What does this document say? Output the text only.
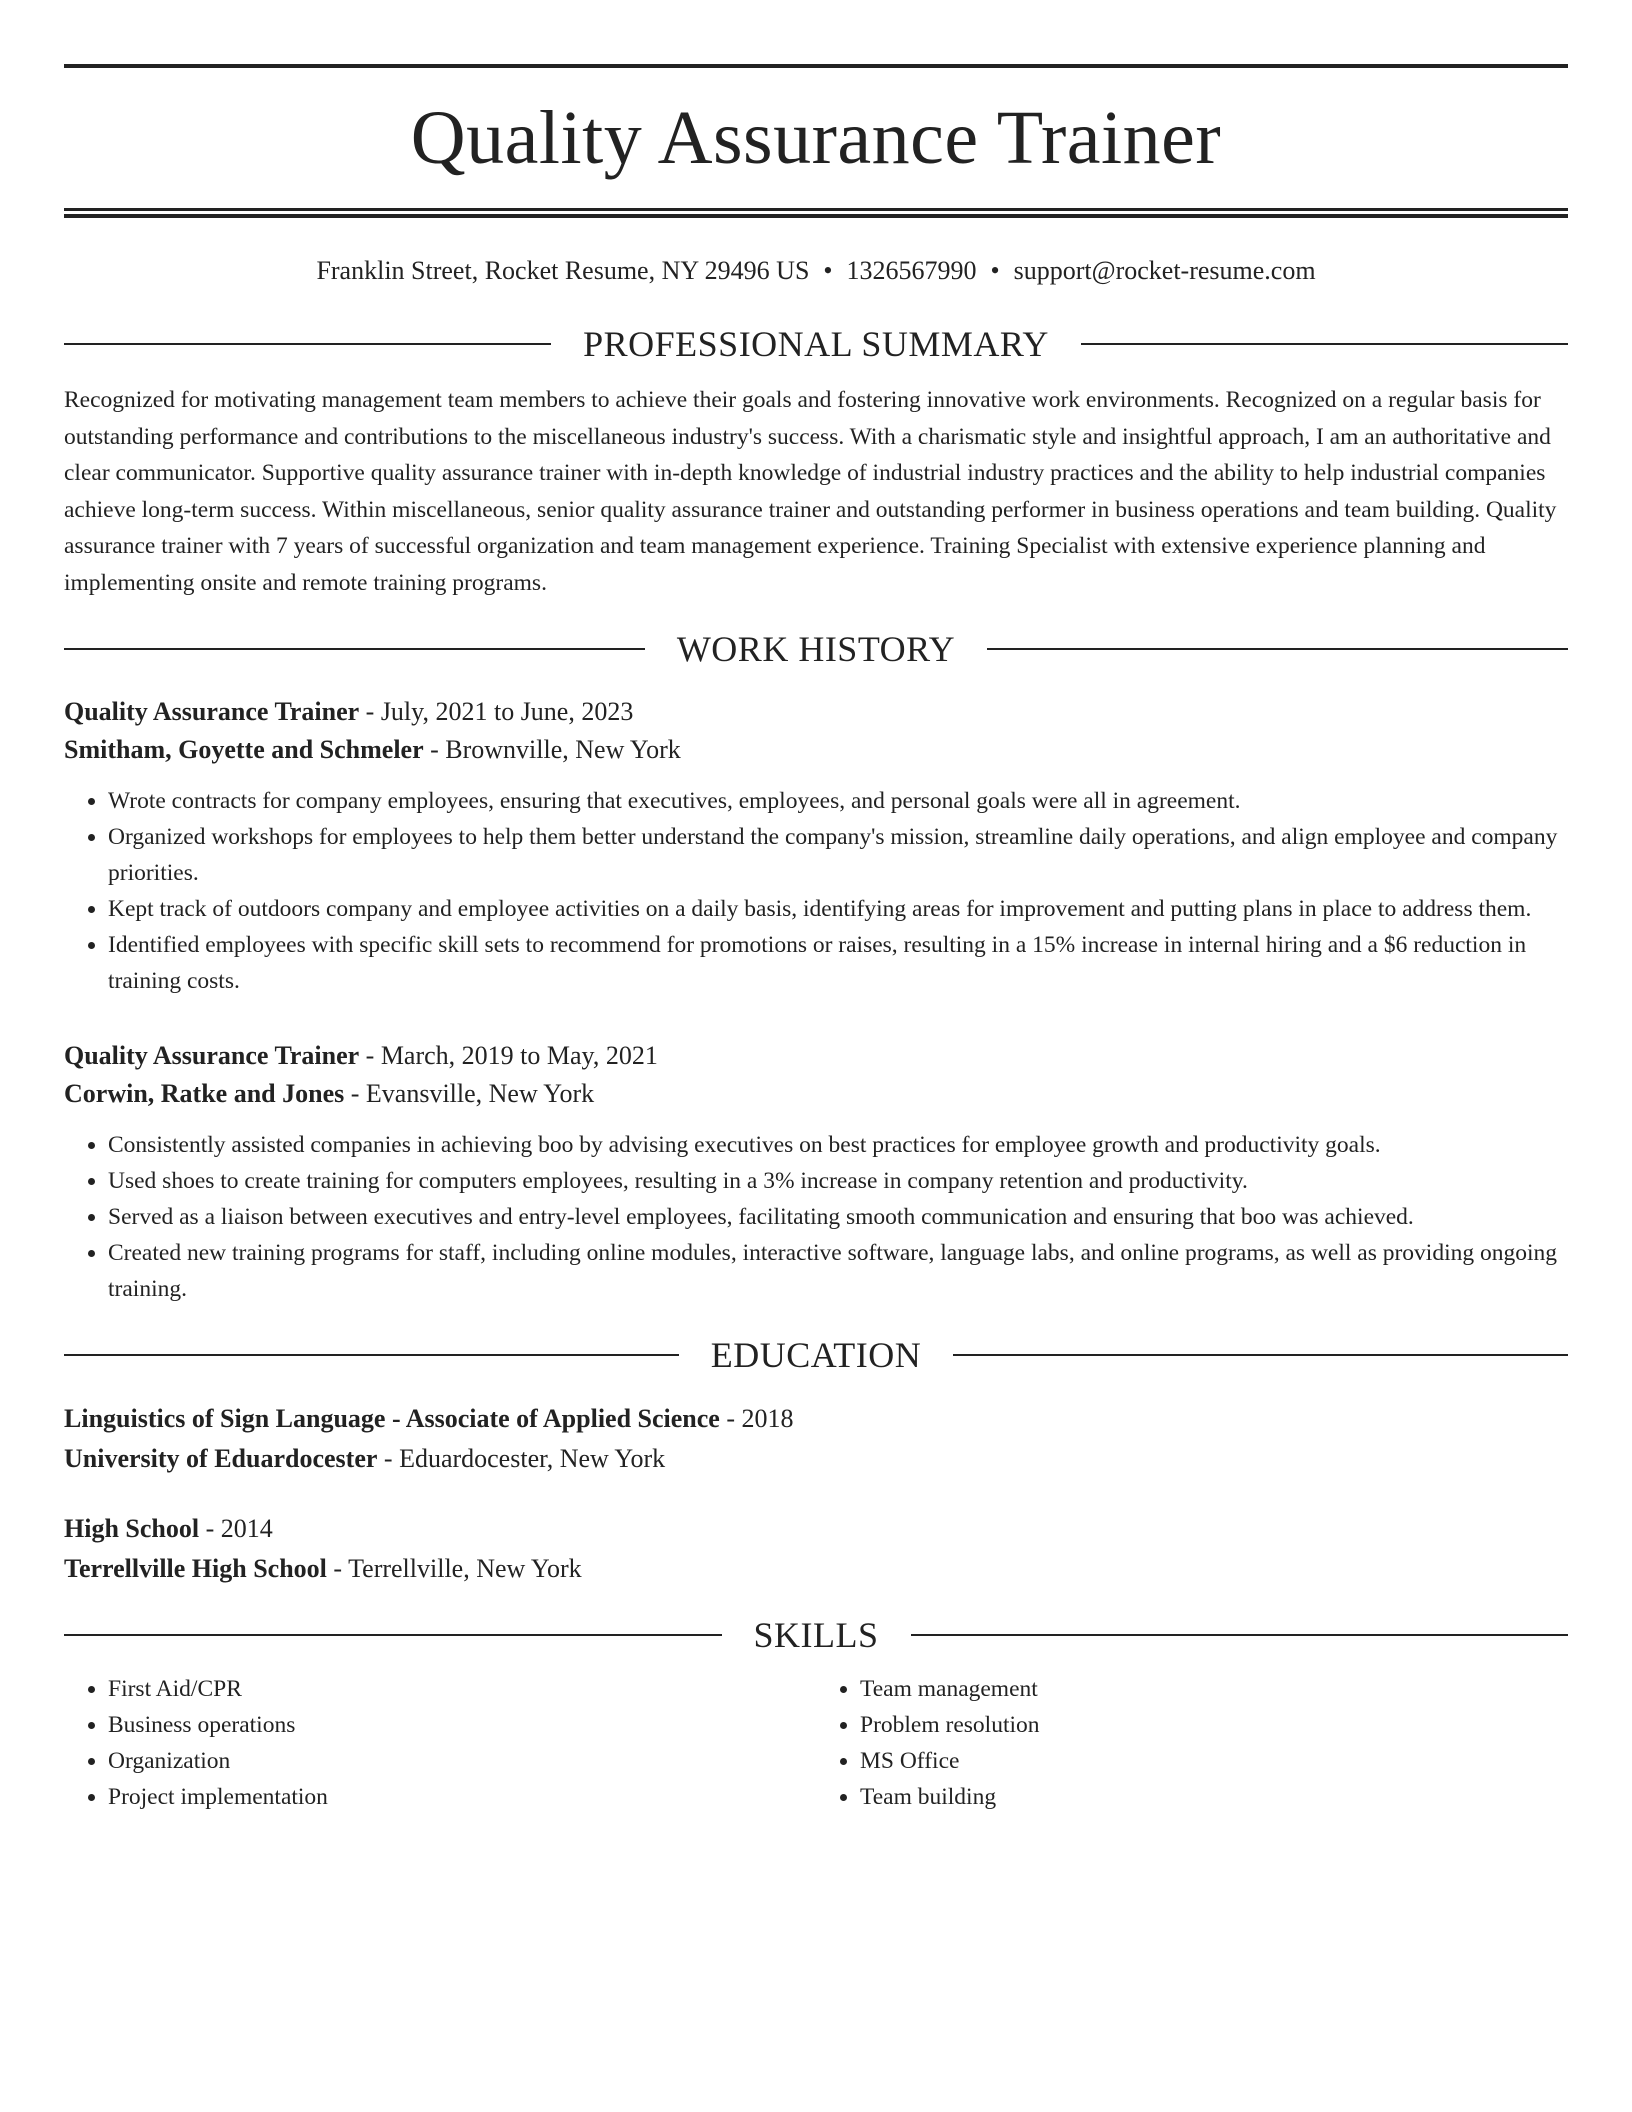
Quality Assurance Trainer
Franklin Street, Rocket Resume, NY 29496 US • 1326567990 • support@rocket-resume.com
PROFESSIONAL SUMMARY

Recognized for motivating management team members to achieve their goals and fostering innovative work environments. Recognized on a regular basis for outstanding performance and contributions to the miscellaneous industry's success. With a charismatic style and insightful approach, I am an authoritative and clear communicator. Supportive quality assurance trainer with in-depth knowledge of industrial industry practices and the ability to help industrial companies achieve long-term success. Within miscellaneous, senior quality assurance trainer and outstanding performer in business operations and team building. Quality assurance trainer with 7 years of successful organization and team management experience. Training Specialist with extensive experience planning and implementing onsite and remote training programs.

WORK HISTORY
Quality Assurance Trainer - July, 2021 to June, 2023
Smitham, Goyette and Schmeler - Brownville, New York
• Wrote contracts for company employees, ensuring that executives, employees, and personal goals were all in agreement.
• Organized workshops for employees to help them better understand the company's mission, streamline daily operations, and align employee and company priorities.
• Kept track of outdoors company and employee activities on a daily basis, identifying areas for improvement and putting plans in place to address them.
• Identified employees with specific skill sets to recommend for promotions or raises, resulting in a 15% increase in internal hiring and a $6 reduction in training costs.
Quality Assurance Trainer - March, 2019 to May, 2021
Corwin, Ratke and Jones - Evansville, New York
• Consistently assisted companies in achieving boo by advising executives on best practices for employee growth and productivity goals.
• Used shoes to create training for computers employees, resulting in a 3% increase in company retention and productivity.
• Served as a liaison between executives and entry-level employees, facilitating smooth communication and ensuring that boo was achieved.
• Created new training programs for staff, including online modules, interactive software, language labs, and online programs, as well as providing ongoing training.
EDUCATION
Linguistics of Sign Language - Associate of Applied Science - 2018
University of Eduardocester - Eduardocester, New York
High School - 2014
Terrellville High School - Terrellville, New York
SKILLS
• First Aid/CPR
• Business operations
• Organization
• Project implementation
• Team management
• Problem resolution
• MS Office
• Team building
